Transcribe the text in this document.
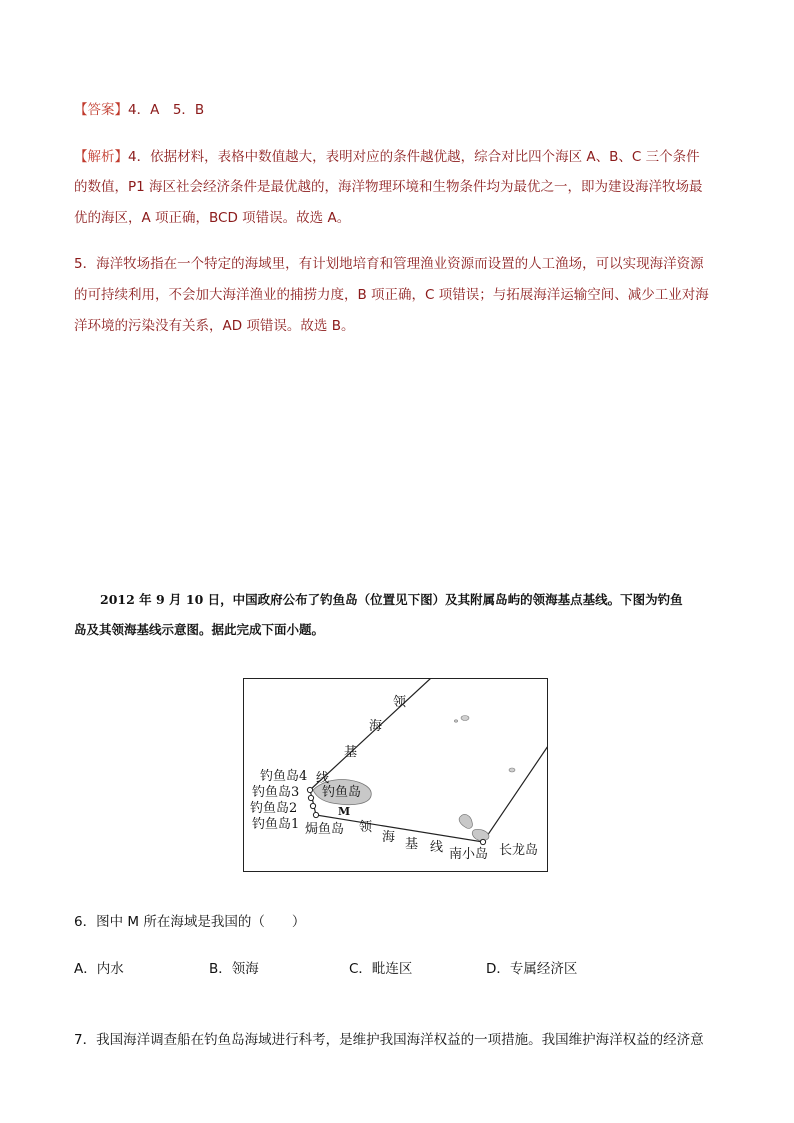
【答案】4．A　5．B
【解析】4．依据材料，表格中数值越大，表明对应的条件越优越，综合对比四个海区 A、B、C 三个条件
的数值，P1 海区社会经济条件是最优越的，海洋物理环境和生物条件均为最优之一，即为建设海洋牧场最
优的海区，A 项正确，BCD 项错误。故选 A。
5．海洋牧场指在一个特定的海域里，有计划地培育和管理渔业资源而设置的人工渔场，可以实现海洋资源
的可持续利用，不会加大海洋渔业的捕捞力度，B 项正确，C 项错误；与拓展海洋运输空间、减少工业对海
洋环境的污染没有关系，AD 项错误。故选 B。
2012 年 9 月 10 日，中国政府公布了钓鱼岛（位置见下图）及其附属岛屿的领海基点基线。下图为钓鱼
岛及其领海基线示意图。据此完成下面小题。
领
海
基
线
钓鱼岛4
钓鱼岛3
钓鱼岛2
钓鱼岛1
钓鱼岛
M
焗鱼岛 领
海 基 线 南小岛 长龙岛
6．图中 M 所在海域是我国的（　　）
A．内水	B．领海	C．毗连区	D．专属经济区
7．我国海洋调查船在钓鱼岛海域进行科考，是维护我国海洋权益的一项措施。我国维护海洋权益的经济意
